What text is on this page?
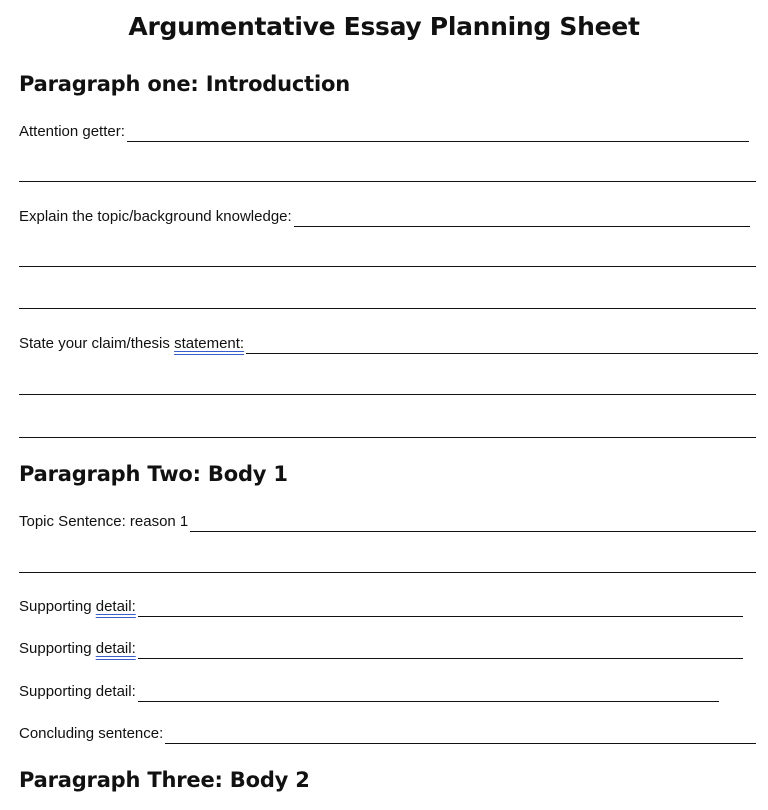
Argumentative Essay Planning Sheet
Paragraph one: Introduction
Attention getter:
Explain the topic/background knowledge:
State your claim/thesis statement:
Paragraph Two: Body 1
Topic Sentence: reason 1
Supporting detail:
Supporting detail:
Supporting detail:
Concluding sentence:
Paragraph Three: Body 2
